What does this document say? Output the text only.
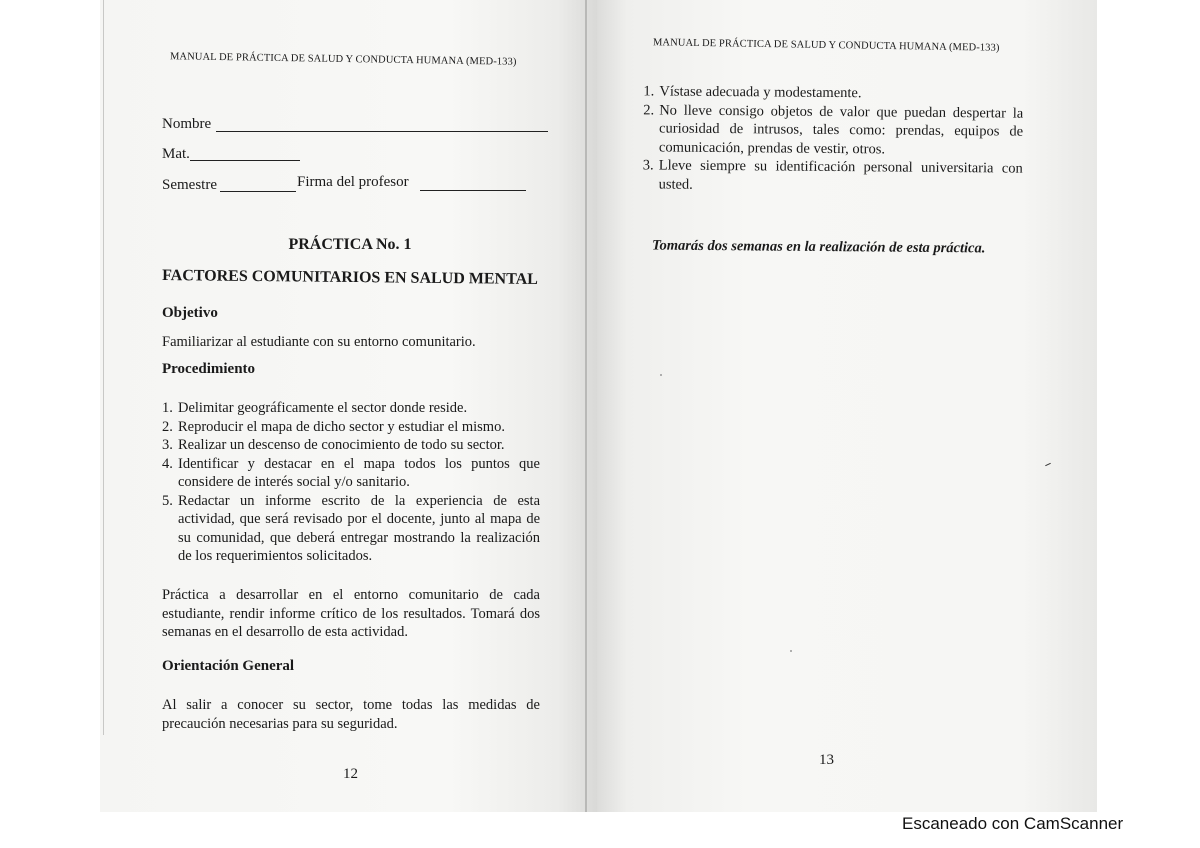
MANUAL DE PRÁCTICA DE SALUD Y CONDUCTA HUMANA (MED-133)
Nombre
Mat.
Semestre	Firma del profesor
PRÁCTICA No. 1
FACTORES COMUNITARIOS EN SALUD MENTAL
Objetivo
Familiarizar al estudiante con su entorno comunitario.
Procedimiento
1. Delimitar geográficamente el sector donde reside.
2. Reproducir el mapa de dicho sector y estudiar el mismo.
3. Realizar un descenso de conocimiento de todo su sector.
4. Identificar y destacar en el mapa todos los puntos que considere de interés social y/o sanitario.
5. Redactar un informe escrito de la experiencia de esta actividad, que será revisado por el docente, junto al mapa de su comunidad, que deberá entregar mostrando la realización de los requerimientos solicitados.
Práctica a desarrollar en el entorno comunitario de cada estudiante, rendir informe crítico de los resultados. Tomará dos semanas en el desarrollo de esta actividad.
Orientación General
Al salir a conocer su sector, tome todas las medidas de precaución necesarias para su seguridad.
12
MANUAL DE PRÁCTICA DE SALUD Y CONDUCTA HUMANA (MED-133)
1. Vístase adecuada y modestamente.
2. No lleve consigo objetos de valor que puedan despertar la curiosidad de intrusos, tales como: prendas, equipos de comunicación, prendas de vestir, otros.
3. Lleve siempre su identificación personal universitaria con usted.
Tomarás dos semanas en la realización de esta práctica.
13
Escaneado con CamScanner
